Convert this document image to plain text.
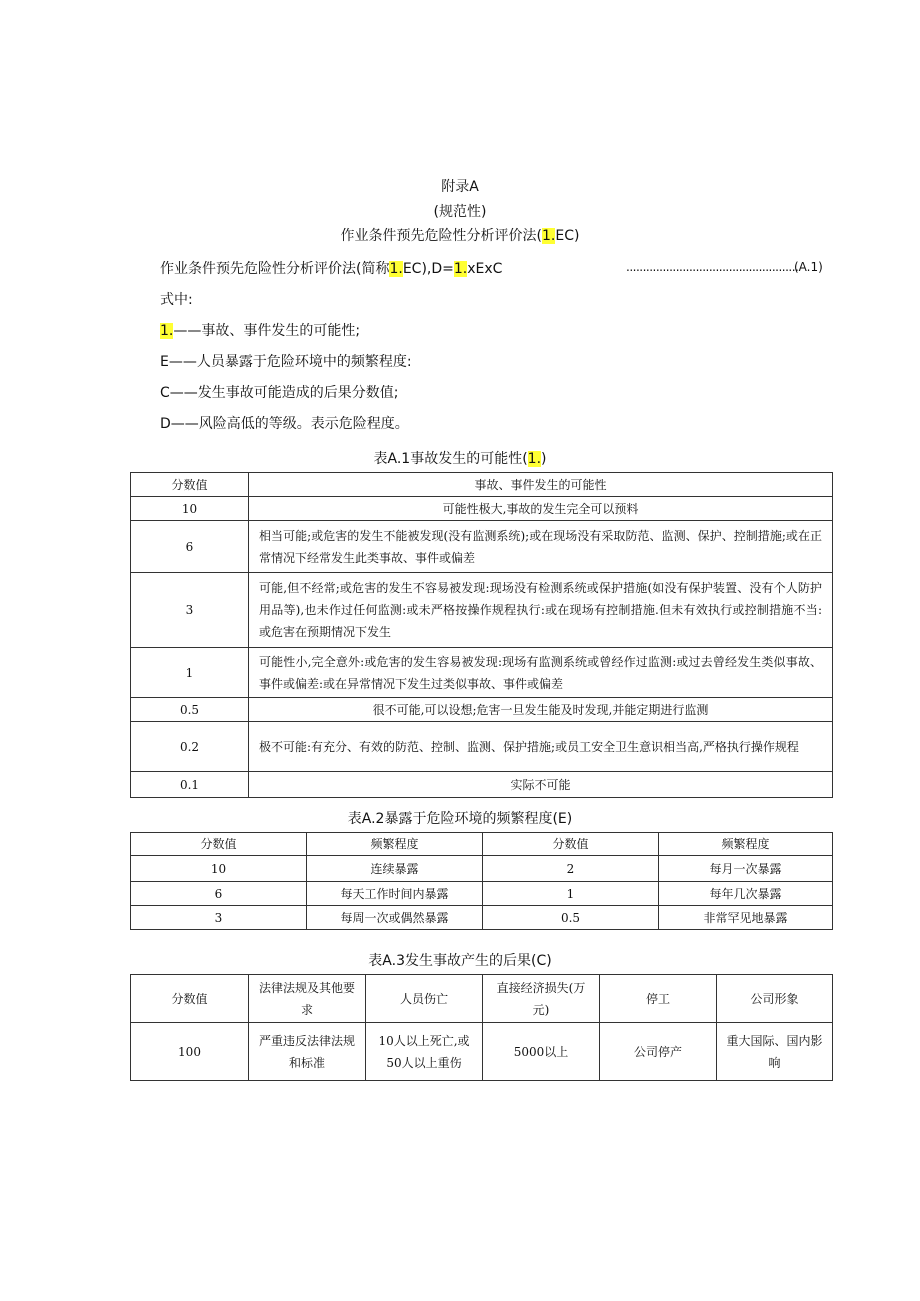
附录A
(规范性)
作业条件预先危险性分析评价法(1.EC)
作业条件预先危险性分析评价法(简称1.EC),D=1.xExC	....................................................
(A.1)
式中:
1.——事故、事件发生的可能性;
E——人员暴露于危险环境中的频繁程度:
C——发生事故可能造成的后果分数值;
D——风险高低的等级。表示危险程度。
表A.1事故发生的可能性(1.)
分数值	事故、事件发生的可能性
10	可能性极大,事故的发生完全可以预料
6	相当可能;或危害的发生不能被发现(没有监测系统);或在现场没有采取防范、监测、保护、控制措施;或在正常情况下经常发生此类事故、事件或偏差
3	可能,但不经常;或危害的发生不容易被发现:现场没有检测系统或保护措施(如没有保护装置、没有个人防护用品等),也未作过任何监测:或未严格按操作规程执行:或在现场有控制措施.但未有效执行或控制措施不当:或危害在预期情况下发生
1	可能性小,完全意外:或危害的发生容易被发现:现场有监测系统或曾经作过监测:或过去曾经发生类似事故、事件或偏差:或在异常情况下发生过类似事故、事件或偏差
0.5	很不可能,可以设想;危害一旦发生能及时发现,并能定期进行监测
0.2	极不可能:有充分、有效的防范、控制、监测、保护措施;或员工安全卫生意识相当高,严格执行操作规程
0.1	实际不可能
表A.2暴露于危险环境的频繁程度(E)
分数值	频繁程度	分数值	频繁程度
10	连续暴露	2	每月一次暴露
6	每天工作时间内暴露	1	每年几次暴露
3	每周一次或偶然暴露	0.5	非常罕见地暴露
表A.3发生事故产生的后果(C)
分数值	法律法规及其他要求	人员伤亡	直接经济损失(万元)	停工	公司形象
100	严重违反法律法规和标准	10人以上死亡,或50人以上重伤	5000以上	公司停产	重大国际、国内影响
